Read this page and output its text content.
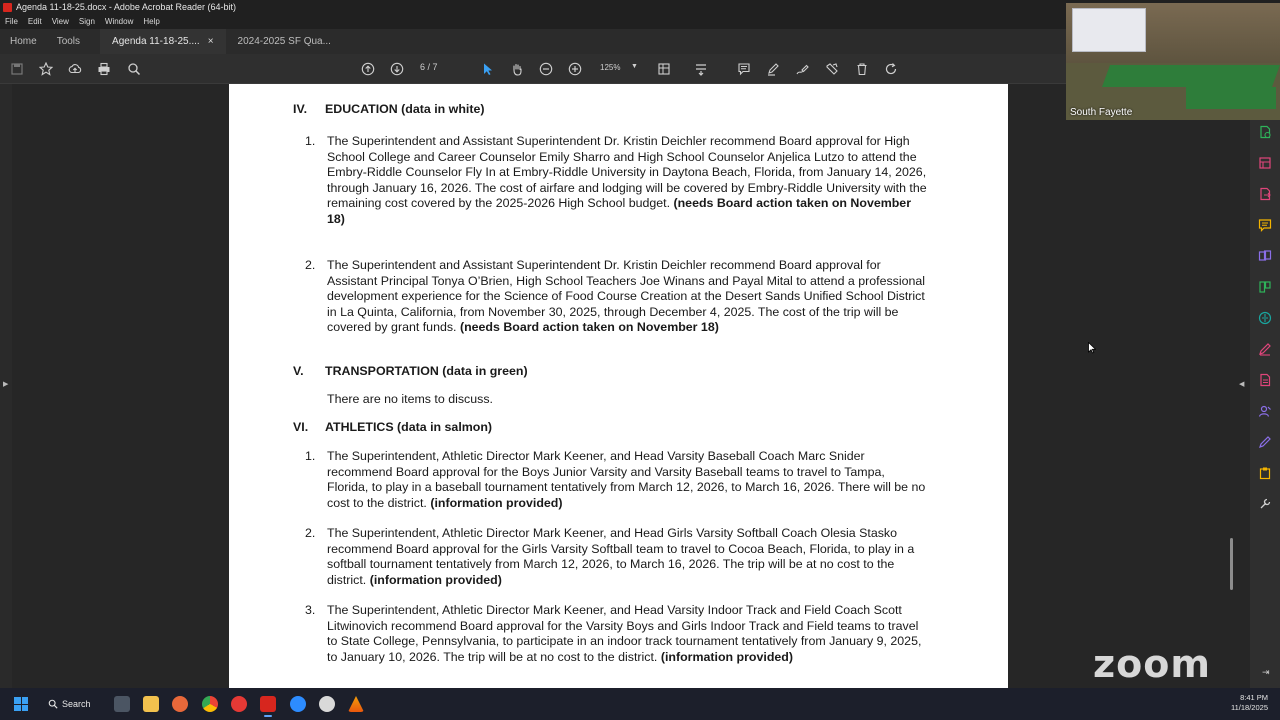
Agenda 11-18-25.docx - Adobe Acrobat Reader (64-bit)
File Edit View Sign Window Help
Home	Tools	Agenda 11-18-25.... ×	2024-2025 SF Qua...
6 / 7	125% ▼
▶
IV. EDUCATION (data in white)
1. The Superintendent and Assistant Superintendent Dr. Kristin Deichler recommend Board approval for High School College and Career Counselor Emily Sharro and High School Counselor Anjelica Lutzo to attend the Embry-Riddle Counselor Fly In at Embry-Riddle University in Daytona Beach, Florida, from January 14, 2026, through January 16, 2026. The cost of airfare and lodging will be covered by Embry-Riddle University with the remaining cost covered by the 2025-2026 High School budget. (needs Board action taken on November 18)
2. The Superintendent and Assistant Superintendent Dr. Kristin Deichler recommend Board approval for Assistant Principal Tonya O’Brien, High School Teachers Joe Winans and Payal Mital to attend a professional development experience for the Science of Food Course Creation at the Desert Sands Unified School District in La Quinta, California, from November 30, 2025, through December 4, 2025. The cost of the trip will be covered by grant funds. (needs Board action taken on November 18)
V. TRANSPORTATION (data in green)
There are no items to discuss.
VI. ATHLETICS (data in salmon)
1. The Superintendent, Athletic Director Mark Keener, and Head Varsity Baseball Coach Marc Snider recommend Board approval for the Boys Junior Varsity and Varsity Baseball teams to travel to Tampa, Florida, to play in a baseball tournament tentatively from March 12, 2026, to March 16, 2026. There will be no cost to the district. (information provided)
2. The Superintendent, Athletic Director Mark Keener, and Head Girls Varsity Softball Coach Olesia Stasko recommend Board approval for the Girls Varsity Softball team to travel to Cocoa Beach, Florida, to play in a softball tournament tentatively from March 12, 2026, to March 16, 2026. The trip will be at no cost to the district. (information provided)
3. The Superintendent, Athletic Director Mark Keener, and Head Varsity Indoor Track and Field Coach Scott Litwinovich recommend Board approval for the Varsity Boys and Girls Indoor Track and Field teams to travel to State College, Pennsylvania, to participate in an indoor track tournament tentatively from January 9, 2025, to January 10, 2026. The trip will be at no cost to the district. (information provided)
◀
South Fayette
zoom	⇥
Search
8:41 PM
11/18/2025
